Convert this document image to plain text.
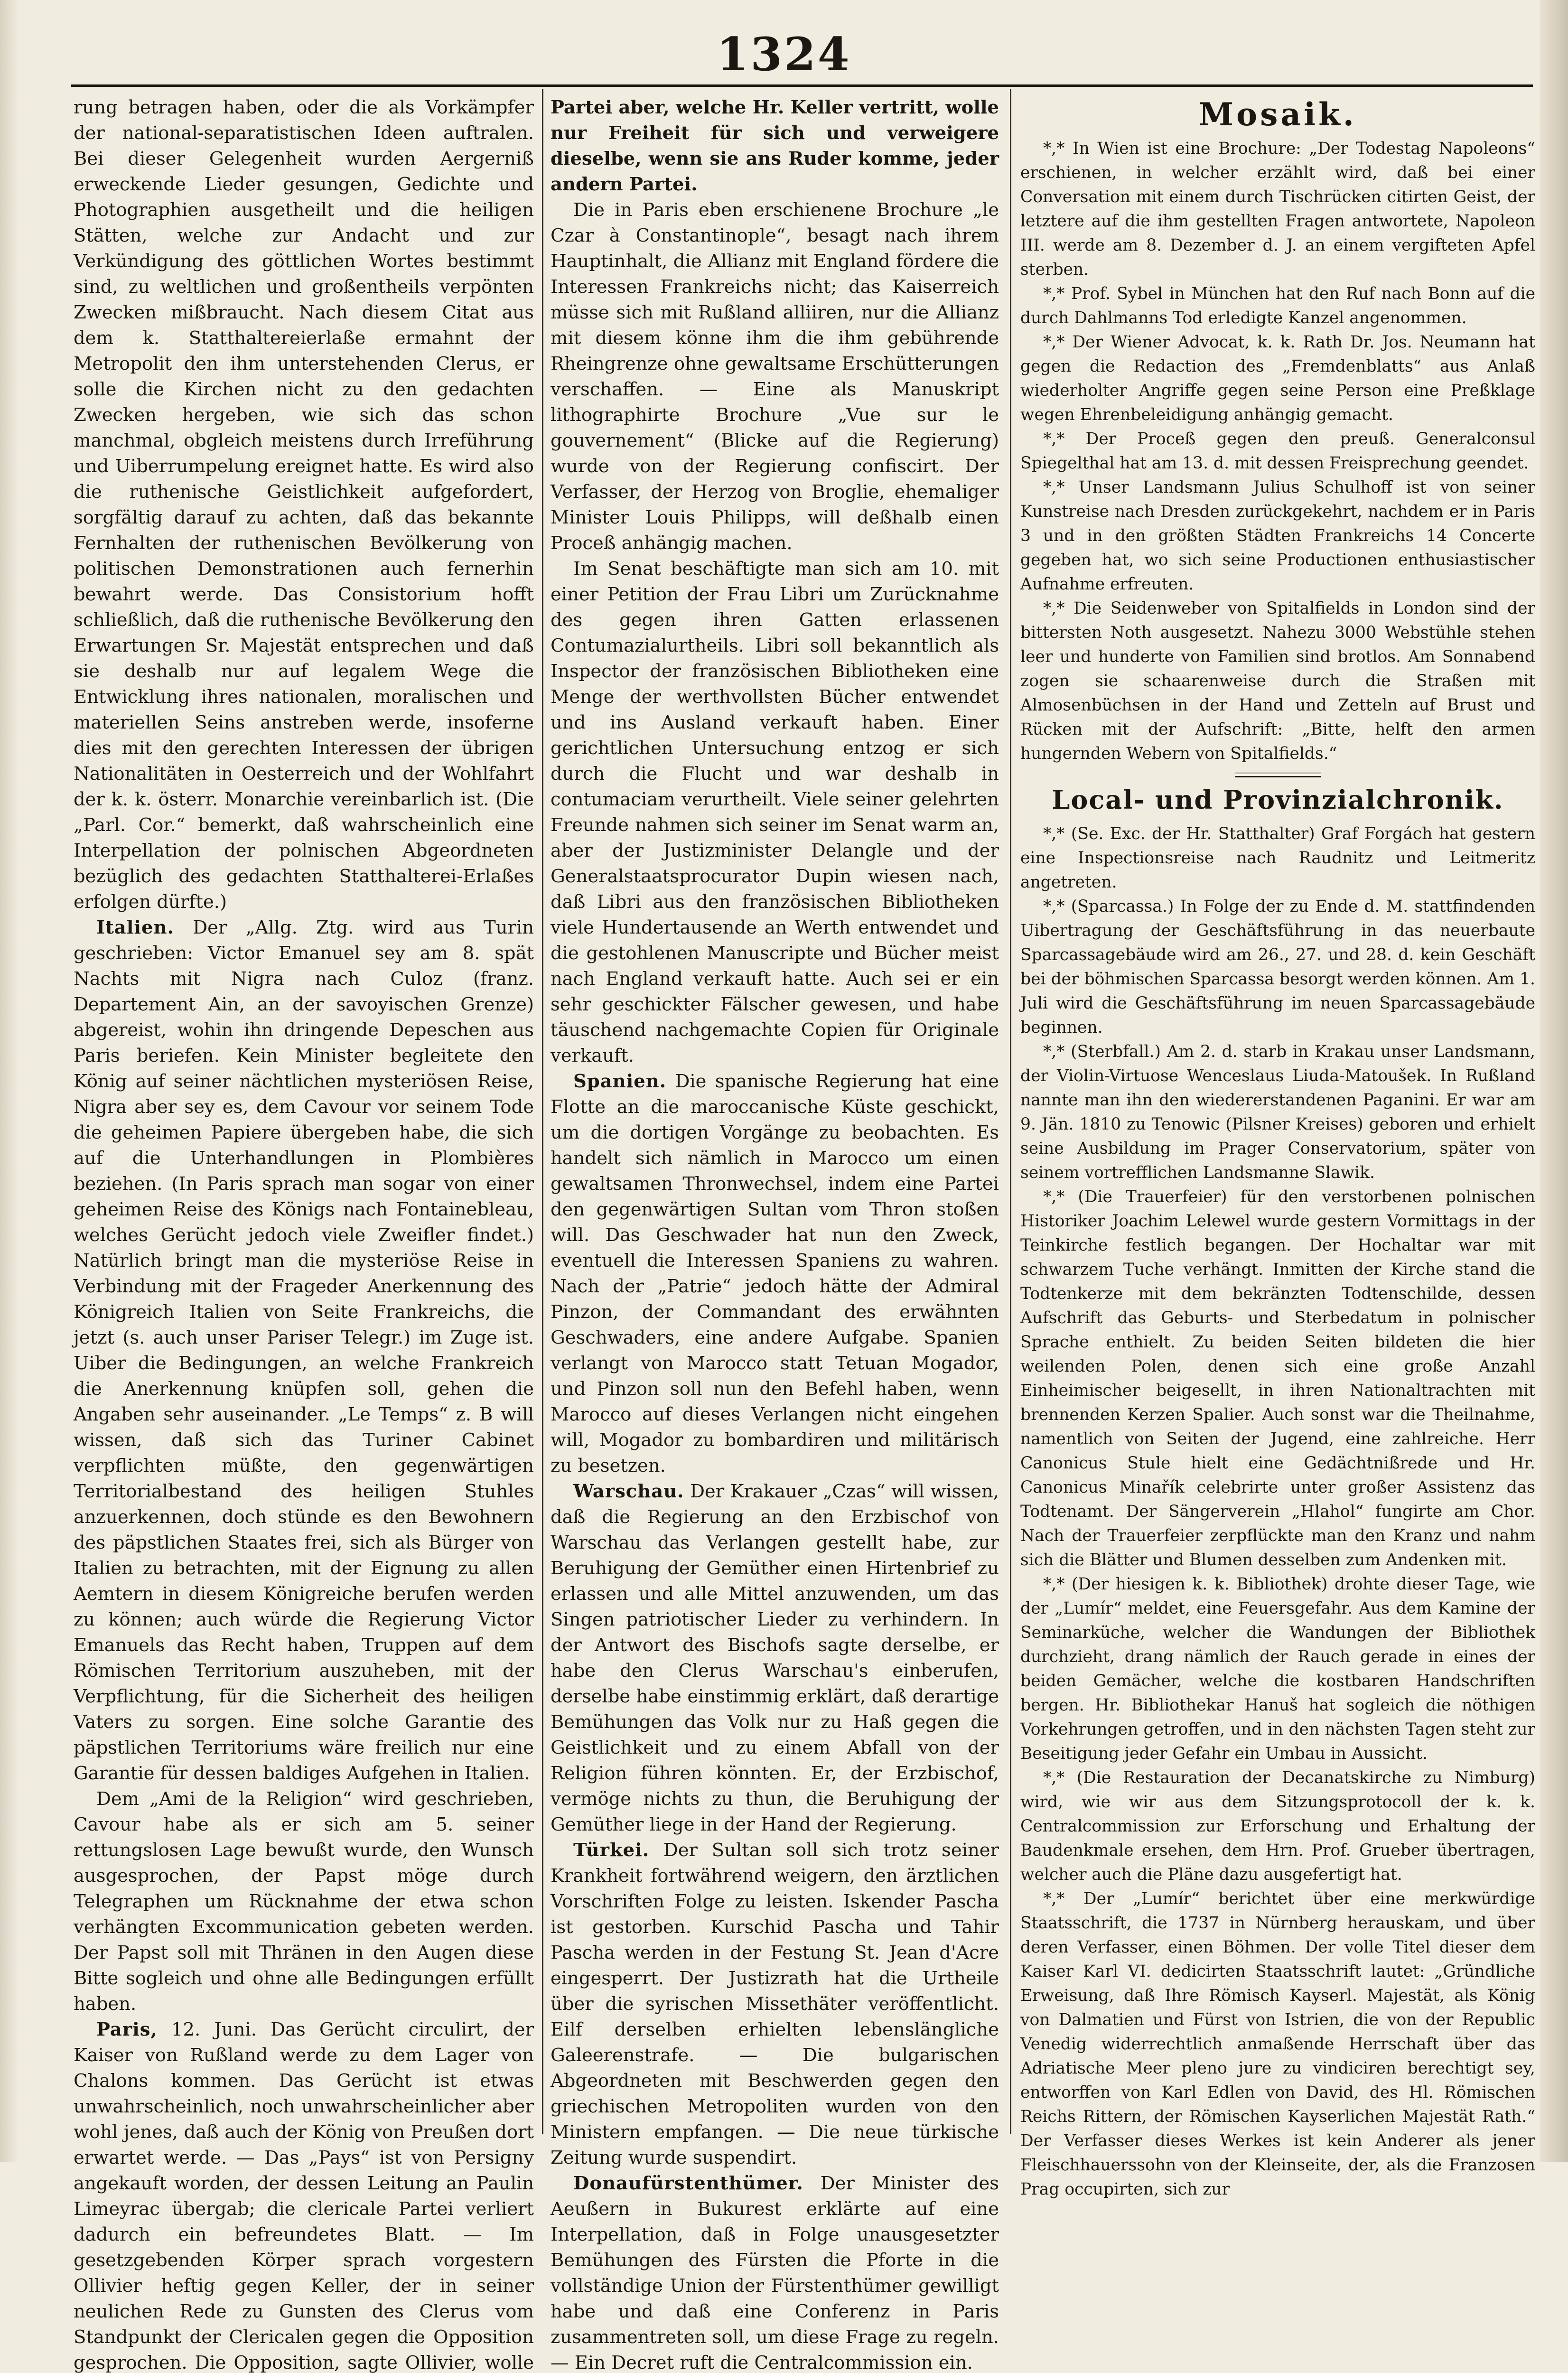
1324

rung betragen haben, oder die als Vorkämpfer der national-separatistischen Ideen auftralen. Bei dieser Gelegenheit wurden Aergerniß erweckende Lieder gesungen, Gedichte und Photographien ausgetheilt und die heiligen Stätten, welche zur Andacht und zur Verkündigung des göttlichen Wortes bestimmt sind, zu weltlichen und großentheils verpönten Zwecken mißbraucht. Nach diesem Citat aus dem k. Statthaltereierlaße ermahnt der Metropolit den ihm unterstehenden Clerus, er solle die Kirchen nicht zu den gedachten Zwecken hergeben, wie sich das schon manchmal, obgleich meistens durch Irreführung und Uiberrumpelung ereignet hatte. Es wird also die ruthenische Geistlichkeit aufgefordert, sorgfältig darauf zu achten, daß das bekannte Fernhalten der ruthenischen Bevölkerung von politischen Demonstrationen auch fernerhin bewahrt werde. Das Consistorium hofft schließlich, daß die ruthenische Bevölkerung den Erwartungen Sr. Majestät entsprechen und daß sie deshalb nur auf legalem Wege die Entwicklung ihres nationalen, moralischen und materiellen Seins anstreben werde, insoferne dies mit den gerechten Interessen der übrigen Nationalitäten in Oesterreich und der Wohlfahrt der k. k. österr. Monarchie vereinbarlich ist. (Die „Parl. Cor.“ bemerkt, daß wahrscheinlich eine Interpellation der polnischen Abgeordneten bezüglich des gedachten Statthalterei-Erlaßes erfolgen dürfte.)

Italien. Der „Allg. Ztg. wird aus Turin geschrieben: Victor Emanuel sey am 8. spät Nachts mit Nigra nach Culoz (franz. Departement Ain, an der savoyischen Grenze) abgereist, wohin ihn dringende Depeschen aus Paris beriefen. Kein Minister begleitete den König auf seiner nächtlichen mysteriösen Reise, Nigra aber sey es, dem Cavour vor seinem Tode die geheimen Papiere übergeben habe, die sich auf die Unterhandlungen in Plombières beziehen. (In Paris sprach man sogar von einer geheimen Reise des Königs nach Fontainebleau, welches Gerücht jedoch viele Zweifler findet.) Natürlich bringt man die mysteriöse Reise in Verbindung mit der Frageder Anerkennung des Königreich Italien von Seite Frankreichs, die jetzt (s. auch unser Pariser Telegr.) im Zuge ist. Uiber die Bedingungen, an welche Frankreich die Anerkennung knüpfen soll, gehen die Angaben sehr auseinander. „Le Temps“ z. B will wissen, daß sich das Turiner Cabinet verpflichten müßte, den gegenwärtigen Territorialbestand des heiligen Stuhles anzuerkennen, doch stünde es den Bewohnern des päpstlichen Staates frei, sich als Bürger von Italien zu betrachten, mit der Eignung zu allen Aemtern in diesem Königreiche berufen werden zu können; auch würde die Regierung Victor Emanuels das Recht haben, Truppen auf dem Römischen Territorium auszuheben, mit der Verpflichtung, für die Sicherheit des heiligen Vaters zu sorgen. Eine solche Garantie des päpstlichen Territoriums wäre freilich nur eine Garantie für dessen baldiges Aufgehen in Italien.

Dem „Ami de la Religion“ wird geschrieben, Cavour habe als er sich am 5. seiner rettungslosen Lage bewußt wurde, den Wunsch ausgesprochen, der Papst möge durch Telegraphen um Rücknahme der etwa schon verhängten Excommunication gebeten werden. Der Papst soll mit Thränen in den Augen diese Bitte sogleich und ohne alle Bedingungen erfüllt haben.

Paris, 12. Juni. Das Gerücht circulirt, der Kaiser von Rußland werde zu dem Lager von Chalons kommen. Das Gerücht ist etwas unwahrscheinlich, noch unwahrscheinlicher aber wohl jenes, daß auch der König von Preußen dort erwartet werde. — Das „Pays“ ist von Persigny angekauft worden, der dessen Leitung an Paulin Limeyrac übergab; die clericale Partei verliert dadurch ein befreundetes Blatt. — Im gesetzgebenden Körper sprach vorgestern Ollivier heftig gegen Keller, der in seiner neulichen Rede zu Gunsten des Clerus vom Standpunkt der Clericalen gegen die Opposition gesprochen. Die Opposition, sagte Ollivier, wolle

Partei aber, welche Hr. Keller vertritt, wolle nur Freiheit für sich und verweigere dieselbe, wenn sie ans Ruder komme, jeder andern Partei.

Die in Paris eben erschienene Brochure „le Czar à Constantinople“, besagt nach ihrem Hauptinhalt, die Allianz mit England fördere die Interessen Frankreichs nicht; das Kaiserreich müsse sich mit Rußland alliiren, nur die Allianz mit diesem könne ihm die ihm gebührende Rheingrenze ohne gewaltsame Erschütterungen verschaffen. — Eine als Manuskript lithographirte Brochure „Vue sur le gouvernement“ (Blicke auf die Regierung) wurde von der Regierung confiscirt. Der Verfasser, der Herzog von Broglie, ehemaliger Minister Louis Philipps, will deßhalb einen Proceß anhängig machen.

Im Senat beschäftigte man sich am 10. mit einer Petition der Frau Libri um Zurücknahme des gegen ihren Gatten erlassenen Contumazialurtheils. Libri soll bekanntlich als Inspector der französischen Bibliotheken eine Menge der werthvollsten Bücher entwendet und ins Ausland verkauft haben. Einer gerichtlichen Untersuchung entzog er sich durch die Flucht und war deshalb in contumaciam verurtheilt. Viele seiner gelehrten Freunde nahmen sich seiner im Senat warm an, aber der Justizminister Delangle und der Generalstaatsprocurator Dupin wiesen nach, daß Libri aus den französischen Bibliotheken viele Hundertausende an Werth entwendet und die gestohlenen Manuscripte und Bücher meist nach England verkauft hatte. Auch sei er ein sehr geschickter Fälscher gewesen, und habe täuschend nachgemachte Copien für Originale verkauft.

Spanien. Die spanische Regierung hat eine Flotte an die maroccanische Küste geschickt, um die dortigen Vorgänge zu beobachten. Es handelt sich nämlich in Marocco um einen gewaltsamen Thronwechsel, indem eine Partei den gegenwärtigen Sultan vom Thron stoßen will. Das Geschwader hat nun den Zweck, eventuell die Interessen Spaniens zu wahren. Nach der „Patrie“ jedoch hätte der Admiral Pinzon, der Commandant des erwähnten Geschwaders, eine andere Aufgabe. Spanien verlangt von Marocco statt Tetuan Mogador, und Pinzon soll nun den Befehl haben, wenn Marocco auf dieses Verlangen nicht eingehen will, Mogador zu bombardiren und militärisch zu besetzen.

Warschau. Der Krakauer „Czas“ will wissen, daß die Regierung an den Erzbischof von Warschau das Verlangen gestellt habe, zur Beruhigung der Gemüther einen Hirtenbrief zu erlassen und alle Mittel anzuwenden, um das Singen patriotischer Lieder zu verhindern. In der Antwort des Bischofs sagte derselbe, er habe den Clerus Warschau's einberufen, derselbe habe einstimmig erklärt, daß derartige Bemühungen das Volk nur zu Haß gegen die Geistlichkeit und zu einem Abfall von der Religion führen könnten. Er, der Erzbischof, vermöge nichts zu thun, die Beruhigung der Gemüther liege in der Hand der Regierung.

Türkei. Der Sultan soll sich trotz seiner Krankheit fortwährend weigern, den ärztlichen Vorschriften Folge zu leisten. Iskender Pascha ist gestorben. Kurschid Pascha und Tahir Pascha werden in der Festung St. Jean d'Acre eingesperrt. Der Justizrath hat die Urtheile über die syrischen Missethäter veröffentlicht. Eilf derselben erhielten lebenslängliche Galeerenstrafe. — Die bulgarischen Abgeordneten mit Beschwerden gegen den griechischen Metropoliten wurden von den Ministern empfangen. — Die neue türkische Zeitung wurde suspendirt.

Donaufürstenthümer. Der Minister des Aeußern in Bukurest erklärte auf eine Interpellation, daß in Folge unausgesetzter Bemühungen des Fürsten die Pforte in die vollständige Union der Fürstenthümer gewilligt habe und daß eine Conferenz in Paris zusammentreten soll, um diese Frage zu regeln. — Ein Decret ruft die Centralcommission ein.

Mosaik.

*,* In Wien ist eine Brochure: „Der Todestag Napoleons“ erschienen, in welcher erzählt wird, daß bei einer Conversation mit einem durch Tischrücken citirten Geist, der letztere auf die ihm gestellten Fragen antwortete, Napoleon III. werde am 8. Dezember d. J. an einem vergifteten Apfel sterben.

*,* Prof. Sybel in München hat den Ruf nach Bonn auf die durch Dahlmanns Tod erledigte Kanzel angenommen.

*,* Der Wiener Advocat, k. k. Rath Dr. Jos. Neumann hat gegen die Redaction des „Fremdenblatts“ aus Anlaß wiederholter Angriffe gegen seine Person eine Preßklage wegen Ehrenbeleidigung anhängig gemacht.

*,* Der Proceß gegen den preuß. Generalconsul Spiegelthal hat am 13. d. mit dessen Freisprechung geendet.

*,* Unser Landsmann Julius Schulhoff ist von seiner Kunstreise nach Dresden zurückgekehrt, nachdem er in Paris 3 und in den größten Städten Frankreichs 14 Concerte gegeben hat, wo sich seine Productionen enthusiastischer Aufnahme erfreuten.

*,* Die Seidenweber von Spitalfields in London sind der bittersten Noth ausgesetzt. Nahezu 3000 Webstühle stehen leer und hunderte von Familien sind brotlos. Am Sonnabend zogen sie schaarenweise durch die Straßen mit Almosenbüchsen in der Hand und Zetteln auf Brust und Rücken mit der Aufschrift: „Bitte, helft den armen hungernden Webern von Spitalfields.“

Local- und Provinzialchronik.

*,* (Se. Exc. der Hr. Statthalter) Graf Forgách hat gestern eine Inspectionsreise nach Raudnitz und Leitmeritz angetreten.

*,* (Sparcassa.) In Folge der zu Ende d. M. stattfindenden Uibertragung der Geschäftsführung in das neuerbaute Sparcassagebäude wird am 26., 27. und 28. d. kein Geschäft bei der böhmischen Sparcassa besorgt werden können. Am 1. Juli wird die Geschäftsführung im neuen Sparcassagebäude beginnen.

*,* (Sterbfall.) Am 2. d. starb in Krakau unser Landsmann, der Violin-Virtuose Wenceslaus Liuda-Matoušek. In Rußland nannte man ihn den wiedererstandenen Paganini. Er war am 9. Jän. 1810 zu Tenowic (Pilsner Kreises) geboren und erhielt seine Ausbildung im Prager Conservatorium, später von seinem vortrefflichen Landsmanne Slawik.

*,* (Die Trauerfeier) für den verstorbenen polnischen Historiker Joachim Lelewel wurde gestern Vormittags in der Teinkirche festlich begangen. Der Hochaltar war mit schwarzem Tuche verhängt. Inmitten der Kirche stand die Todtenkerze mit dem bekränzten Todtenschilde, dessen Aufschrift das Geburts- und Sterbedatum in polnischer Sprache enthielt. Zu beiden Seiten bildeten die hier weilenden Polen, denen sich eine große Anzahl Einheimischer beigesellt, in ihren Nationaltrachten mit brennenden Kerzen Spalier. Auch sonst war die Theilnahme, namentlich von Seiten der Jugend, eine zahlreiche. Herr Canonicus Stule hielt eine Gedächtnißrede und Hr. Canonicus Minařík celebrirte unter großer Assistenz das Todtenamt. Der Sängerverein „Hlahol“ fungirte am Chor. Nach der Trauerfeier zerpflückte man den Kranz und nahm sich die Blätter und Blumen desselben zum Andenken mit.

*,* (Der hiesigen k. k. Bibliothek) drohte dieser Tage, wie der „Lumír“ meldet, eine Feuersgefahr. Aus dem Kamine der Seminarküche, welcher die Wandungen der Bibliothek durchzieht, drang nämlich der Rauch gerade in eines der beiden Gemächer, welche die kostbaren Handschriften bergen. Hr. Bibliothekar Hanuš hat sogleich die nöthigen Vorkehrungen getroffen, und in den nächsten Tagen steht zur Beseitigung jeder Gefahr ein Umbau in Aussicht.

*,* (Die Restauration der Decanatskirche zu Nimburg) wird, wie wir aus dem Sitzungsprotocoll der k. k. Centralcommission zur Erforschung und Erhaltung der Baudenkmale ersehen, dem Hrn. Prof. Grueber übertragen, welcher auch die Pläne dazu ausgefertigt hat.

*,* Der „Lumír“ berichtet über eine merkwürdige Staatsschrift, die 1737 in Nürnberg herauskam, und über deren Verfasser, einen Böhmen. Der volle Titel dieser dem Kaiser Karl VI. dedicirten Staatsschrift lautet: „Gründliche Erweisung, daß Ihre Römisch Kayserl. Majestät, als König von Dalmatien und Fürst von Istrien, die von der Republic Venedig widerrechtlich anmaßende Herrschaft über das Adriatische Meer pleno jure zu vindiciren berechtigt sey, entworffen von Karl Edlen von David, des Hl. Römischen Reichs Rittern, der Römischen Kayserlichen Majestät Rath.“ Der Verfasser dieses Werkes ist kein Anderer als jener Fleischhauerssohn von der Kleinseite, der, als die Franzosen Prag occupirten, sich zur
